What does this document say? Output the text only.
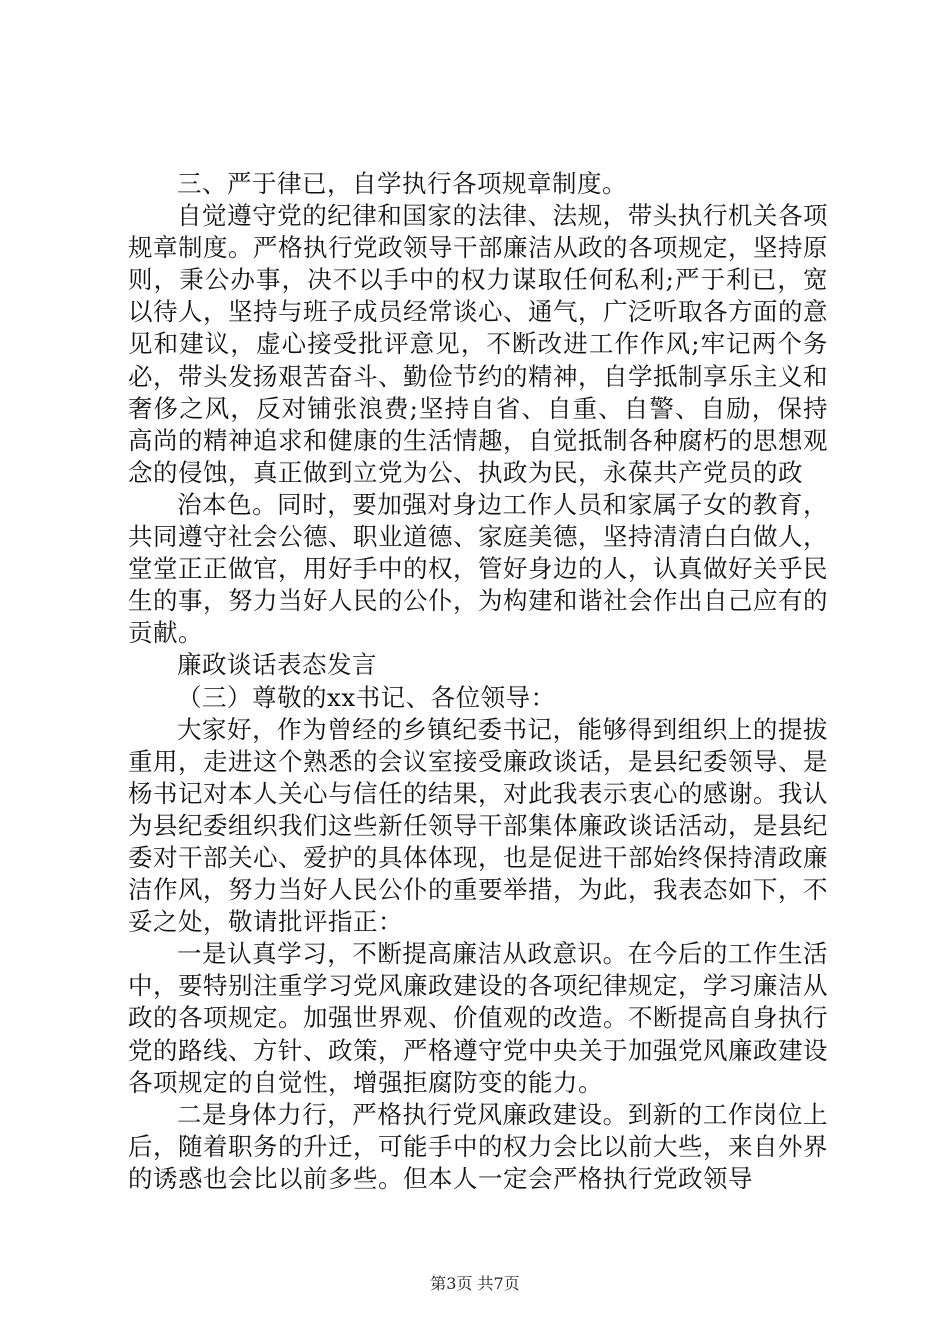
三、严于律已，自学执行各项规章制度。

自觉遵守党的纪律和国家的法律、法规，带头执行机关各项规章制度。严格执行党政领导干部廉洁从政的各项规定，坚持原则，秉公办事，决不以手中的权力谋取任何私利;严于利已，宽以待人，坚持与班子成员经常谈心、通气，广泛听取各方面的意见和建议，虚心接受批评意见，不断改进工作作风;牢记两个务必，带头发扬艰苦奋斗、勤俭节约的精神，自学抵制享乐主义和奢侈之风，反对铺张浪费;坚持自省、自重、自警、自励，保持高尚的精神追求和健康的生活情趣，自觉抵制各种腐朽的思想观念的侵蚀，真正做到立党为公、执政为民，永葆共产党员的政

治本色。同时，要加强对身边工作人员和家属子女的教育，共同遵守社会公德、职业道德、家庭美德，坚持清清白白做人，堂堂正正做官，用好手中的权，管好身边的人，认真做好关乎民生的事，努力当好人民的公仆，为构建和谐社会作出自己应有的贡献。

廉政谈话表态发言

（三）尊敬的xx书记、各位领导：

大家好，作为曾经的乡镇纪委书记，能够得到组织上的提拔重用，走进这个熟悉的会议室接受廉政谈话，是县纪委领导、是杨书记对本人关心与信任的结果，对此我表示衷心的感谢。我认为县纪委组织我们这些新任领导干部集体廉政谈话活动，是县纪委对干部关心、爱护的具体体现，也是促进干部始终保持清政廉洁作风，努力当好人民公仆的重要举措，为此，我表态如下，不妥之处，敬请批评指正：

一是认真学习，不断提高廉洁从政意识。在今后的工作生活中，要特别注重学习党风廉政建设的各项纪律规定，学习廉洁从政的各项规定。加强世界观、价值观的改造。不断提高自身执行党的路线、方针、政策，严格遵守党中央关于加强党风廉政建设各项规定的自觉性，增强拒腐防变的能力。

二是身体力行，严格执行党风廉政建设。到新的工作岗位上后，随着职务的升迁，可能手中的权力会比以前大些，来自外界的诱惑也会比以前多些。但本人一定会严格执行党政领导

第3页 共7页
